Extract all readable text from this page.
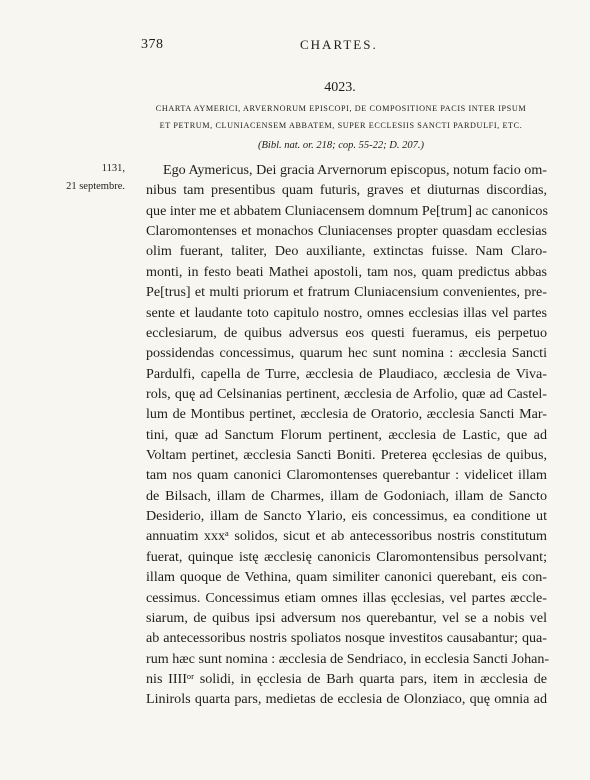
378	CHARTES.
4023.
CHARTA AYMERICI, ARVERNORUM EPISCOPI, DE COMPOSITIONE PACIS INTER IPSUM
ET PETRUM, CLUNIACENSEM ABBATEM, SUPER ECCLESIIS SANCTI PARDULFI, ETC.
(Bibl. nat. or. 218; cop. 55-22; D. 207.)
1131,
21 septembre.
Ego Aymericus, Dei gracia Arvernorum episcopus, notum facio om-
nibus tam presentibus quam futuris, graves et diuturnas discordias,
que inter me et abbatem Cluniacensem domnum Pe[trum] ac canonicos
Claromontenses et monachos Cluniacenses propter quasdam ecclesias
olim fuerant, taliter, Deo auxiliante, extinctas fuisse. Nam Claro-
monti, in festo beati Mathei apostoli, tam nos, quam predictus abbas
Pe[trus] et multi priorum et fratrum Cluniacensium convenientes, pre-
sente et laudante toto capitulo nostro, omnes ecclesias illas vel partes
ecclesiarum, de quibus adversus eos questi fueramus, eis perpetuo
possidendas concessimus, quarum hec sunt nomina : æcclesia Sancti
Pardulfi, capella de Turre, æcclesia de Plaudiaco, æcclesia de Viva-
rols, quę ad Celsinanias pertinent, æcclesia de Arfolio, quæ ad Castel-
lum de Montibus pertinet, æcclesia de Oratorio, æcclesia Sancti Mar-
tini, quæ ad Sanctum Florum pertinent, æcclesia de Lastic, que ad
Voltam pertinet, æcclesia Sancti Boniti. Preterea ęcclesias de quibus,
tam nos quam canonici Claromontenses querebantur : videlicet illam
de Bilsach, illam de Charmes, illam de Godoniach, illam de Sancto
Desiderio, illam de Sancto Ylario, eis concessimus, ea conditione ut
annuatim xxxᵃ solidos, sicut et ab antecessoribus nostris constitutum
fuerat, quinque istę æcclesię canonicis Claromontensibus persolvant;
illam quoque de Vethina, quam similiter canonici querebant, eis con-
cessimus. Concessimus etiam omnes illas ęcclesias, vel partes æccle-
siarum, de quibus ipsi adversum nos querebantur, vel se a nobis vel
ab antecessoribus nostris spoliatos nosque investitos causabantur; qua-
rum hæc sunt nomina : æcclesia de Sendriaco, in ecclesia Sancti Johan-
nis IIIIᵒʳ solidi, in ęcclesia de Barh quarta pars, item in æcclesia de
Linirols quarta pars, medietas de ecclesia de Olonziaco, quę omnia ad
